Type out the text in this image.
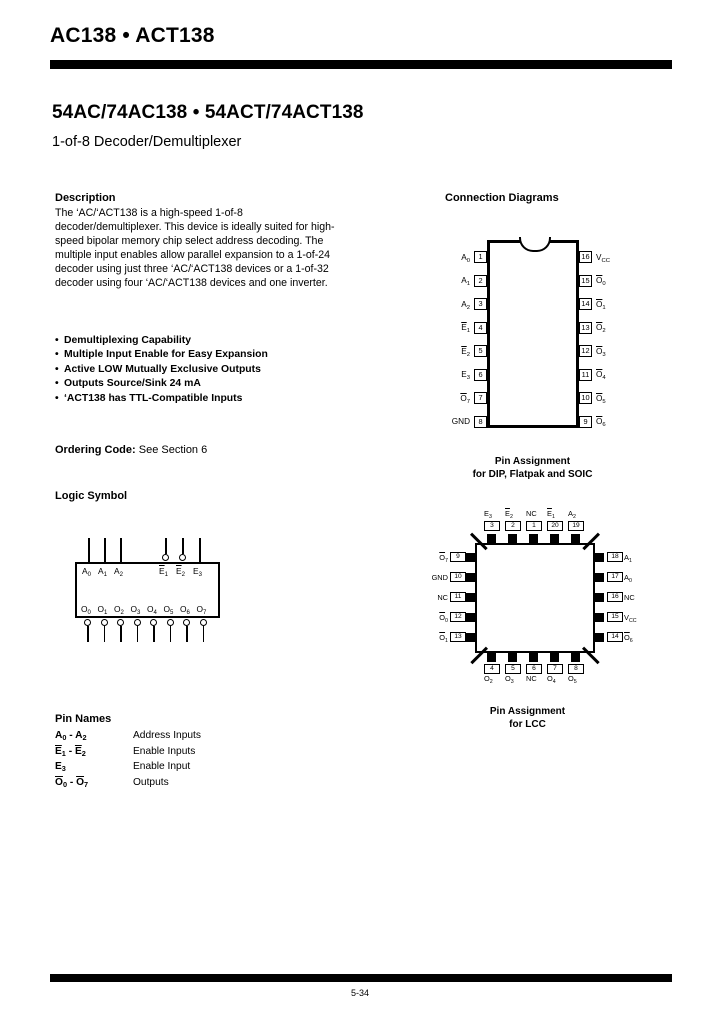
AC138 • ACT138
54AC/74AC138 • 54ACT/74ACT138
1-of-8 Decoder/Demultiplexer
Description
The ‘AC/‘ACT138 is a high-speed 1-of-8 decoder/demultiplexer. This device is ideally suited for high-speed bipolar memory chip select address decoding. The multiple input enables allow parallel expansion to a 1-of-24 decoder using just three ‘AC/‘ACT138 devices or a 1-of-32 decoder using four ‘AC/‘ACT138 devices and one inverter.
• Demultiplexing Capability
• Multiple Input Enable for Easy Expansion
• Active LOW Mutually Exclusive Outputs
• Outputs Source/Sink 24 mA
• ‘ACT138 has TTL-Compatible Inputs
Ordering Code: See Section 6
Logic Symbol
$A_0$ $A_1$ $A_2$	$\overline{E}_1$ $\overline{E}_2$ $E_3$
$O_0$ $O_1$ $O_2$ $O_3$ $O_4$ $O_5$ $O_6$ $O_7$
Pin Names
$A_0 - A_2$	Address Inputs
$\overline{E}_1 - \overline{E}_2$	Enable Inputs
$E_3$	Enable Input
$\overline{O}_0 - \overline{O}_7$	Outputs
Connection Diagrams
$A_0$	1
$A_1$	2
$A_2$	3
$\overline{E}_1$	4
$\overline{E}_2$	5
$E_3$	6
$\overline{O}_7$	7
GND	8
16 $V_{CC}$
15 $\overline{O}_0$
14 $\overline{O}_1$
13 $\overline{O}_2$
12 $\overline{O}_3$
11 $\overline{O}_4$
10 $\overline{O}_5$
9	$\overline{O}_6$
Pin Assignment
for DIP, Flatpak and SOIC
3
$E_3$
2
$\overline{E}_2$
1
NC
20
$\overline{E}_1$
19
$A_2$
4
$\overline{O}_2$
5
$\overline{O}_3$
6
NC
7
$\overline{O}_4$
8
$\overline{O}_5$
9
$\overline{O}_7$
10
GND
11
NC
12
$\overline{O}_0$
13
$\overline{O}_1$
18 $A_1$
17 $A_0$
16 NC
15 $V_{CC}$
14 $\overline{O}_6$
Pin Assignment
for LCC
5-34
